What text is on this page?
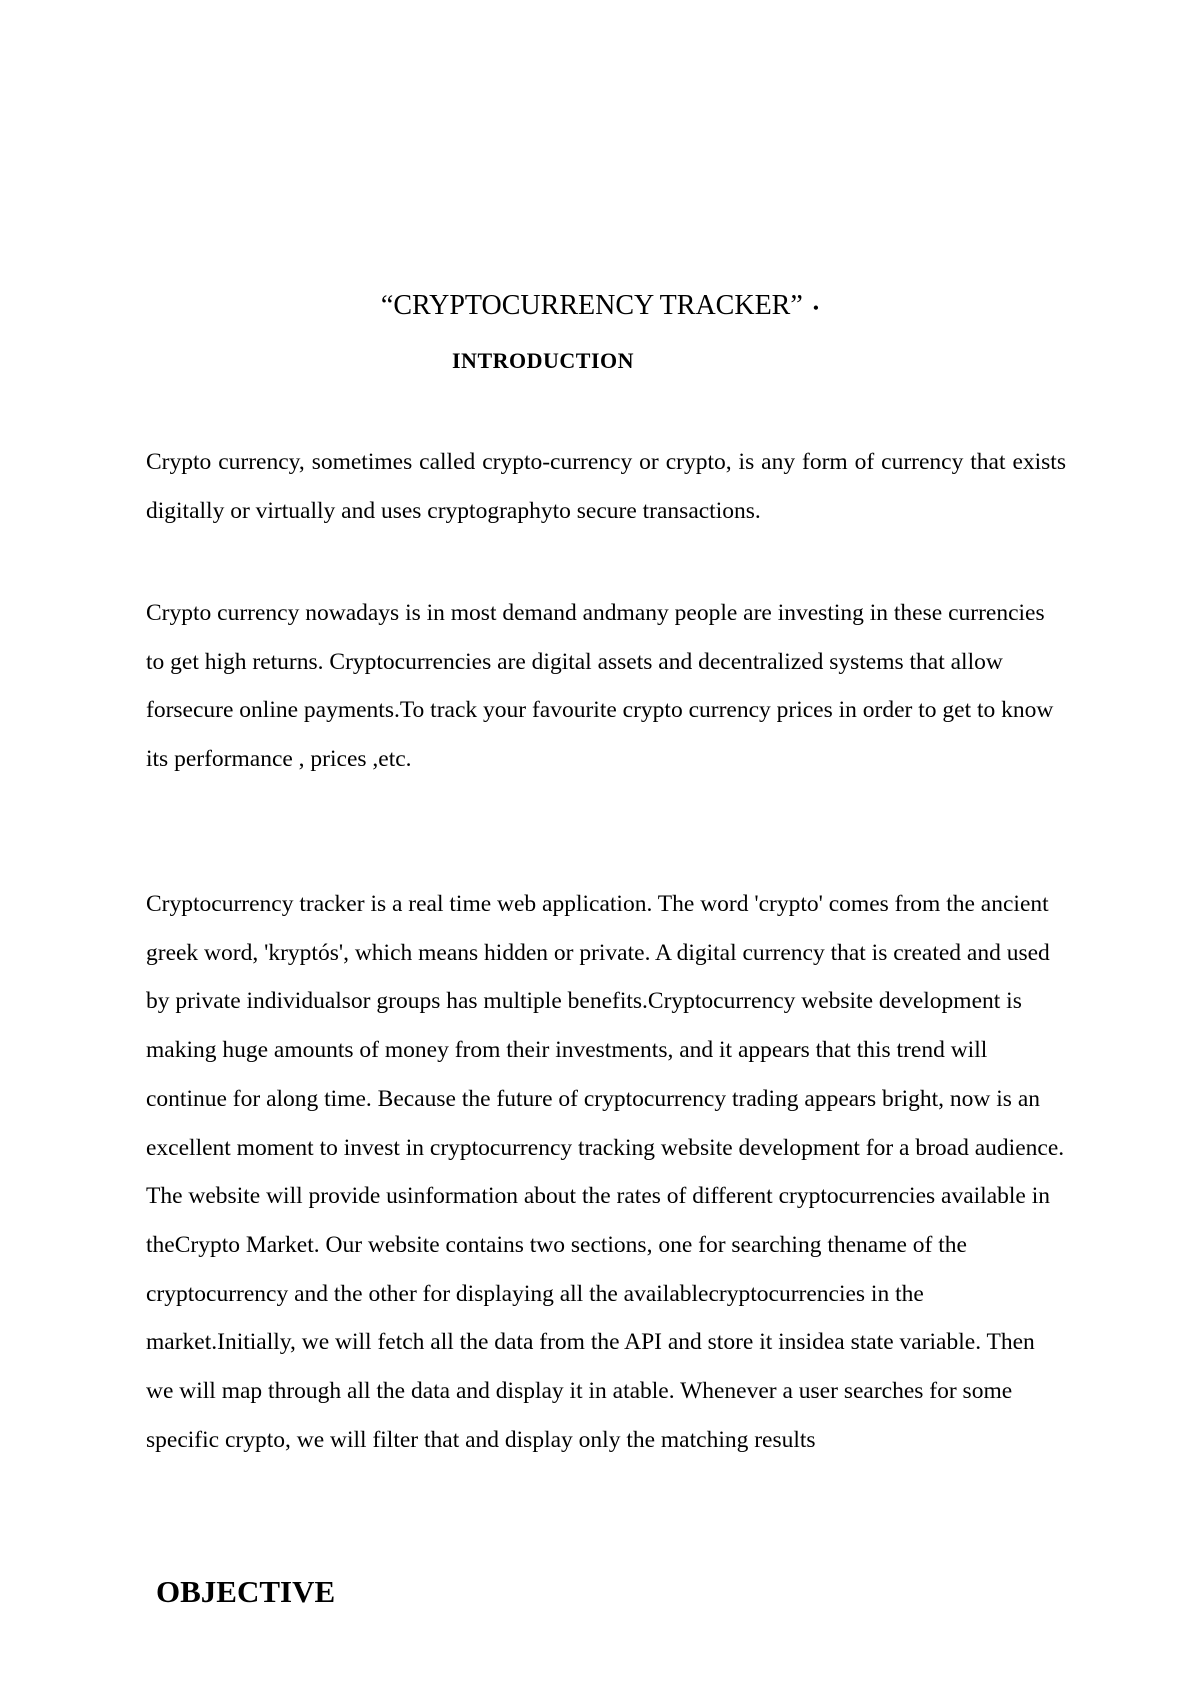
“CRYPTOCURRENCY TRACKER” •
INTRODUCTION

Crypto currency, sometimes called crypto-currency or crypto, is any form of currency that exists digitally or virtually and uses cryptographyto secure transactions.

Crypto currency nowadays is in most demand andmany people are investing in these currencies to get high returns. Cryptocurrencies are digital assets and decentralized systems that allow forsecure online payments.To track your favourite crypto currency prices in order to get to know its performance , prices ,etc.

Cryptocurrency tracker is a real time web application. The word 'crypto' comes from the ancient greek word, 'kryptós', which means hidden or private. A digital currency that is created and used by private individualsor groups has multiple benefits.Cryptocurrency website development is making huge amounts of money from their investments, and it appears that this trend will continue for along time. Because the future of cryptocurrency trading appears bright, now is an excellent moment to invest in cryptocurrency tracking website development for a broad audience. The website will provide usinformation about the rates of different cryptocurrencies available in theCrypto Market. Our website contains two sections, one for searching thename of the cryptocurrency and the other for displaying all the availablecryptocurrencies in the market.Initially, we will fetch all the data from the API and store it insidea state variable. Then we will map through all the data and display it in atable. Whenever a user searches for some specific crypto, we will filter that and display only the matching results

OBJECTIVE
